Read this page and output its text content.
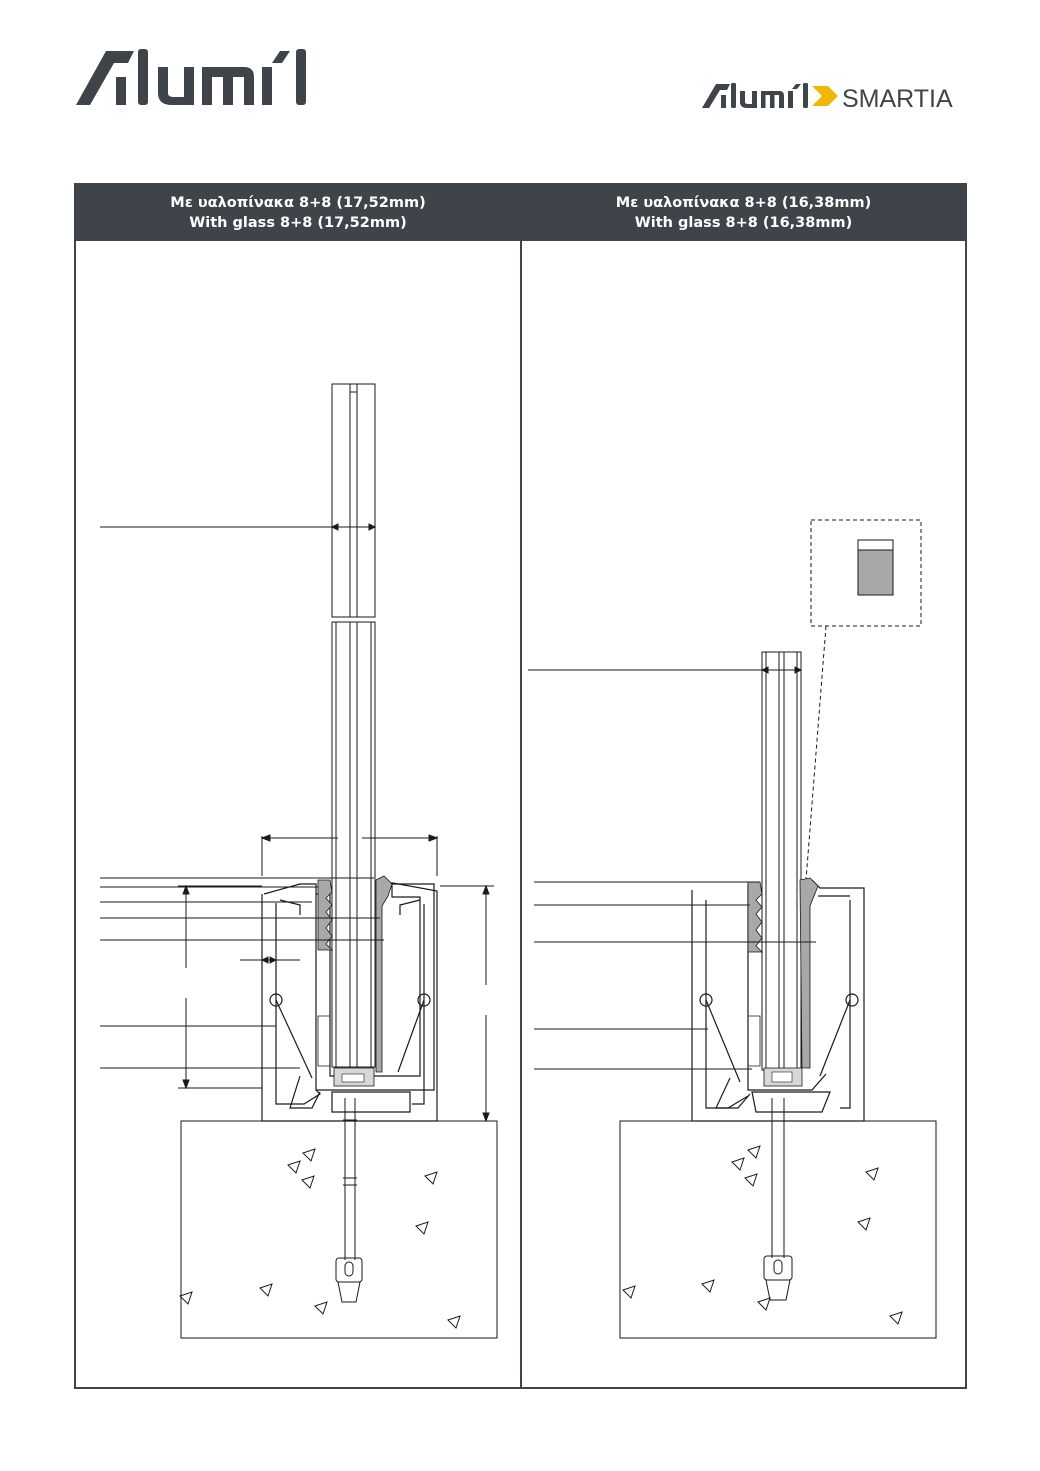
SMARTIA
Με υαλοπίνακα 8+8 (17,52mm)
With glass 8+8 (17,52mm)
Με υαλοπίνακα 8+8 (16,38mm)
With glass 8+8 (16,38mm)
